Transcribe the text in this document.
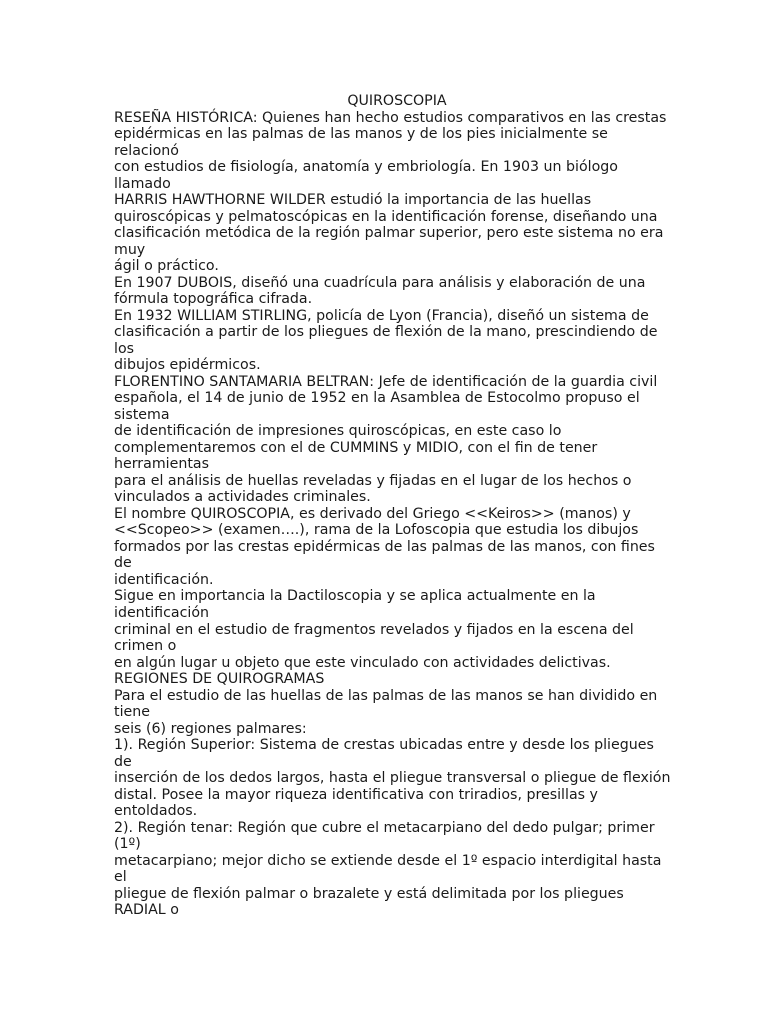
QUIROSCOPIA
RESEÑA HISTÓRICA: Quienes han hecho estudios comparativos en las crestas
epidérmicas en las palmas de las manos y de los pies inicialmente se
relacionó
con estudios de fisiología, anatomía y embriología. En 1903 un biólogo
llamado
HARRIS HAWTHORNE WILDER estudió la importancia de las huellas
quiroscópicas y pelmatoscópicas en la identificación forense, diseñando una
clasificación metódica de la región palmar superior, pero este sistema no era
muy
ágil o práctico.
En 1907 DUBOIS, diseñó una cuadrícula para análisis y elaboración de una
fórmula topográfica cifrada.
En 1932 WILLIAM STIRLING, policía de Lyon (Francia), diseñó un sistema de
clasificación a partir de los pliegues de flexión de la mano, prescindiendo de
los
dibujos epidérmicos.
FLORENTINO SANTAMARIA BELTRAN: Jefe de identificación de la guardia civil
española, el 14 de junio de 1952 en la Asamblea de Estocolmo propuso el
sistema
de identificación de impresiones quiroscópicas, en este caso lo
complementaremos con el de CUMMINS y MIDIO, con el fin de tener
herramientas
para el análisis de huellas reveladas y fijadas en el lugar de los hechos o
vinculados a actividades criminales.
El nombre QUIROSCOPIA, es derivado del Griego <<Keiros>> (manos) y
<<Scopeo>> (examen….), rama de la Lofoscopia que estudia los dibujos
formados por las crestas epidérmicas de las palmas de las manos, con fines
de
identificación.
Sigue en importancia la Dactiloscopia y se aplica actualmente en la
identificación
criminal en el estudio de fragmentos revelados y fijados en la escena del
crimen o
en algún lugar u objeto que este vinculado con actividades delictivas.
REGIONES DE QUIROGRAMAS
Para el estudio de las huellas de las palmas de las manos se han dividido en
tiene
seis (6) regiones palmares:
1). Región Superior: Sistema de crestas ubicadas entre y desde los pliegues
de
inserción de los dedos largos, hasta el pliegue transversal o pliegue de flexión
distal. Posee la mayor riqueza identificativa con triradios, presillas y
entoldados.
2). Región tenar: Región que cubre el metacarpiano del dedo pulgar; primer
(1º)
metacarpiano; mejor dicho se extiende desde el 1º espacio interdigital hasta
el
pliegue de flexión palmar o brazalete y está delimitada por los pliegues
RADIAL o
